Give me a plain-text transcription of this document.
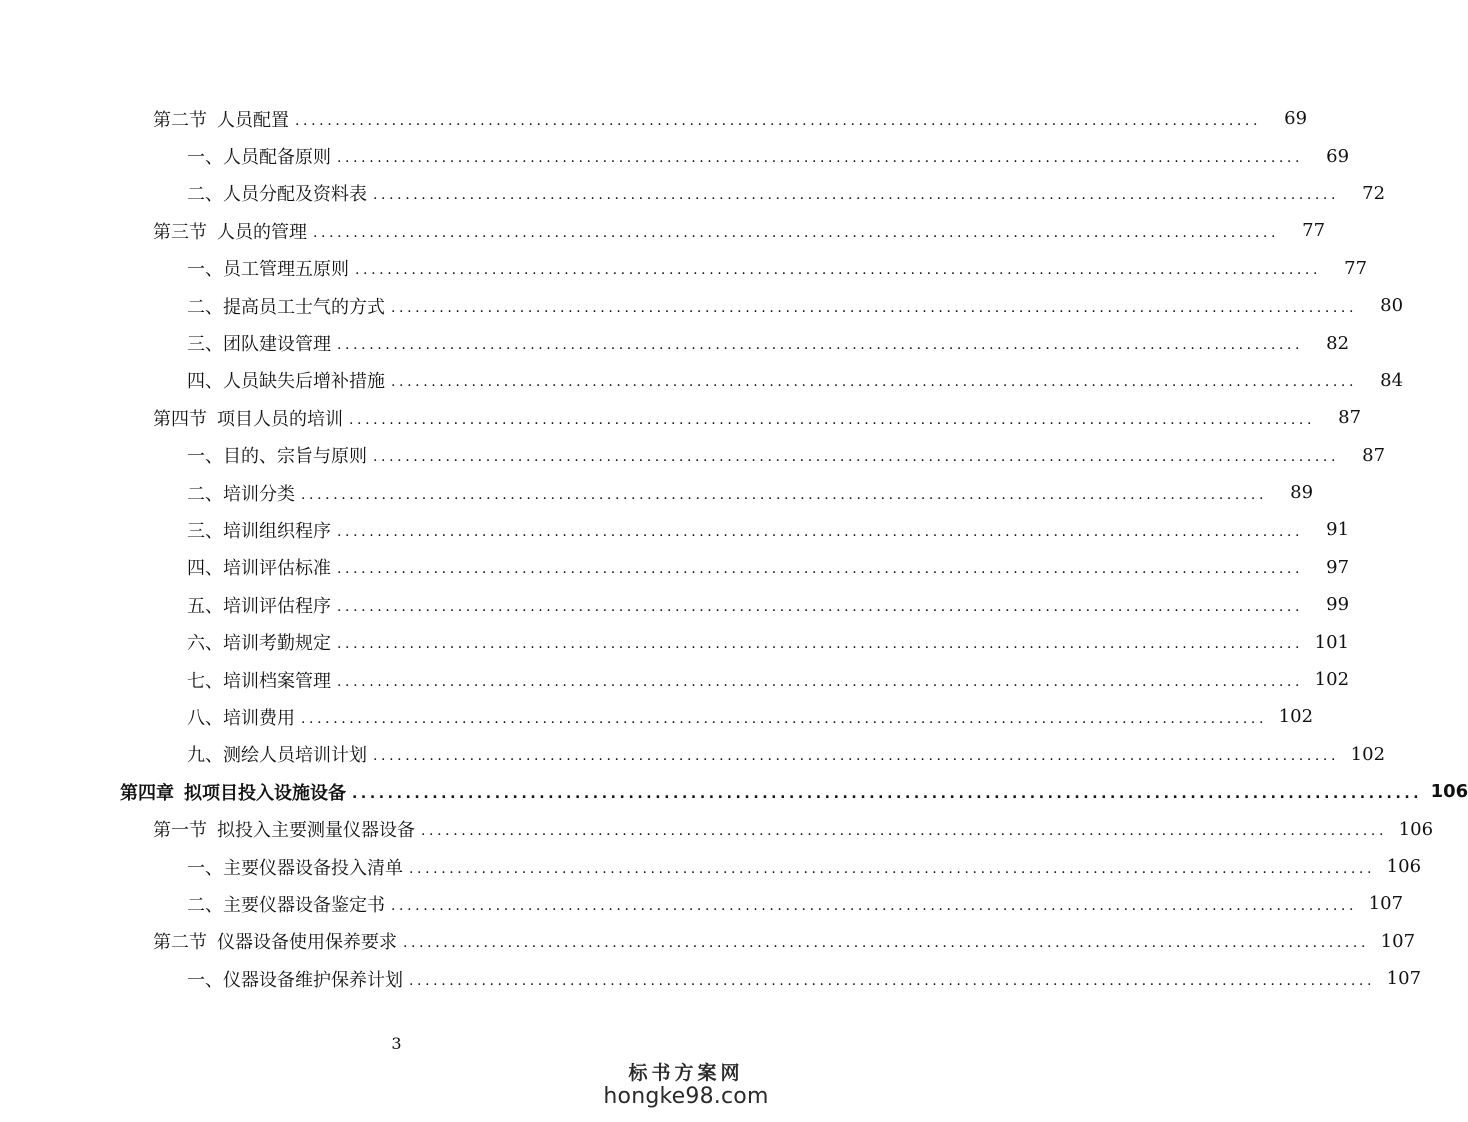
第二节 人员配置 ........................................................................................................................	69
一、人员配备原则 ........................................................................................................................	69
二、人员分配及资料表 ........................................................................................................................	72
第三节 人员的管理 ........................................................................................................................	77
一、员工管理五原则 ........................................................................................................................	77
二、提高员工士气的方式 ........................................................................................................................	80
三、团队建设管理 ........................................................................................................................	82
四、人员缺失后增补措施 ........................................................................................................................	84
第四节 项目人员的培训 ........................................................................................................................	87
一、目的、宗旨与原则 ........................................................................................................................	87
二、培训分类 ........................................................................................................................	89
三、培训组织程序 ........................................................................................................................	91
四、培训评估标准 ........................................................................................................................	97
五、培训评估程序 ........................................................................................................................	99
六、培训考勤规定 ........................................................................................................................ 101
七、培训档案管理 ........................................................................................................................ 102
八、培训费用 ........................................................................................................................ 102
九、测绘人员培训计划 ........................................................................................................................ 102
第四章 拟项目投入设施设备 ........................................................................................................................ 106
第一节 拟投入主要测量仪器设备 ........................................................................................................................ 106
一、主要仪器设备投入清单 ........................................................................................................................ 106
二、主要仪器设备鉴定书 ........................................................................................................................ 107
第二节 仪器设备使用保养要求 ........................................................................................................................ 107
一、仪器设备维护保养计划 ........................................................................................................................ 107
3
标书方案网
hongke98.com
